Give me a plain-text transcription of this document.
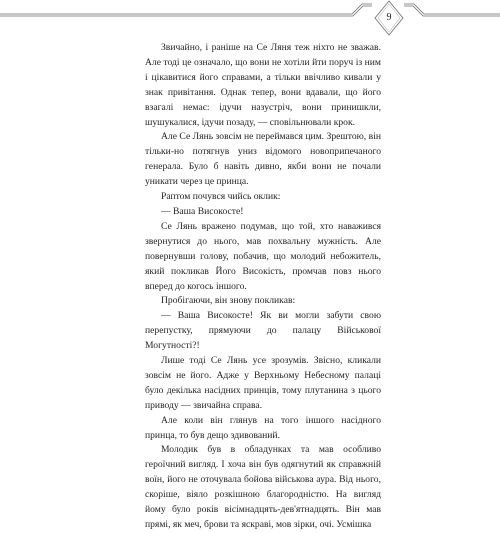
9

Звичайно, і раніше на Се Ляня теж ніхто не зважав. Але тоді це означало, що вони не хотіли йти поруч із ним і цікавитися його справами, а тільки ввічливо кивали у знак привітання. Однак тепер, вони вдавали, що його взагалі немає: ідучи назустріч, вони принишкли, шушукалися, ідучи позаду, — сповільнювали крок.

Але Се Лянь зовсім не переймався цим. Зрештою, він тільки-но потягнув униз відомого новоприпечаного генерала. Було б навіть дивно, якби вони не почали уникати через це принца.

Раптом почувся чийсь оклик:

— Ваша Високосте!

Се Лянь вражено подумав, що той, хто наважився звернутися до нього, мав похвальну мужність. Але повернувши голову, побачив, що молодий небожитель, який покликав Його Високість, промчав повз нього вперед до когось іншого.

Пробігаючи, він знову покликав:

— Ваша Високосте! Як ви могли забути свою перепустку, прямуючи до палацу Військової Могутності?!

Лише тоді Се Лянь усе зрозумів. Звісно, кликали зовсім не його. Адже у Верхньому Небесному палаці було декілька насідних принців, тому плутанина з цього приводу — звичайна справа.

Але коли він глянув на того іншого насідного принца, то був дещо здивований.

Молодик був в обладунках та мав особливо героїчний вигляд. І хоча він був одягнутий як справжній воїн, його не оточувала бойова військова аура. Від нього, скоріше, віяло розкішною благородністю. На вигляд йому було років вісімнадцять-дев'ятнадцять. Він мав прямі, як меч, брови та яскраві, мов зірки, очі. Усмішка
